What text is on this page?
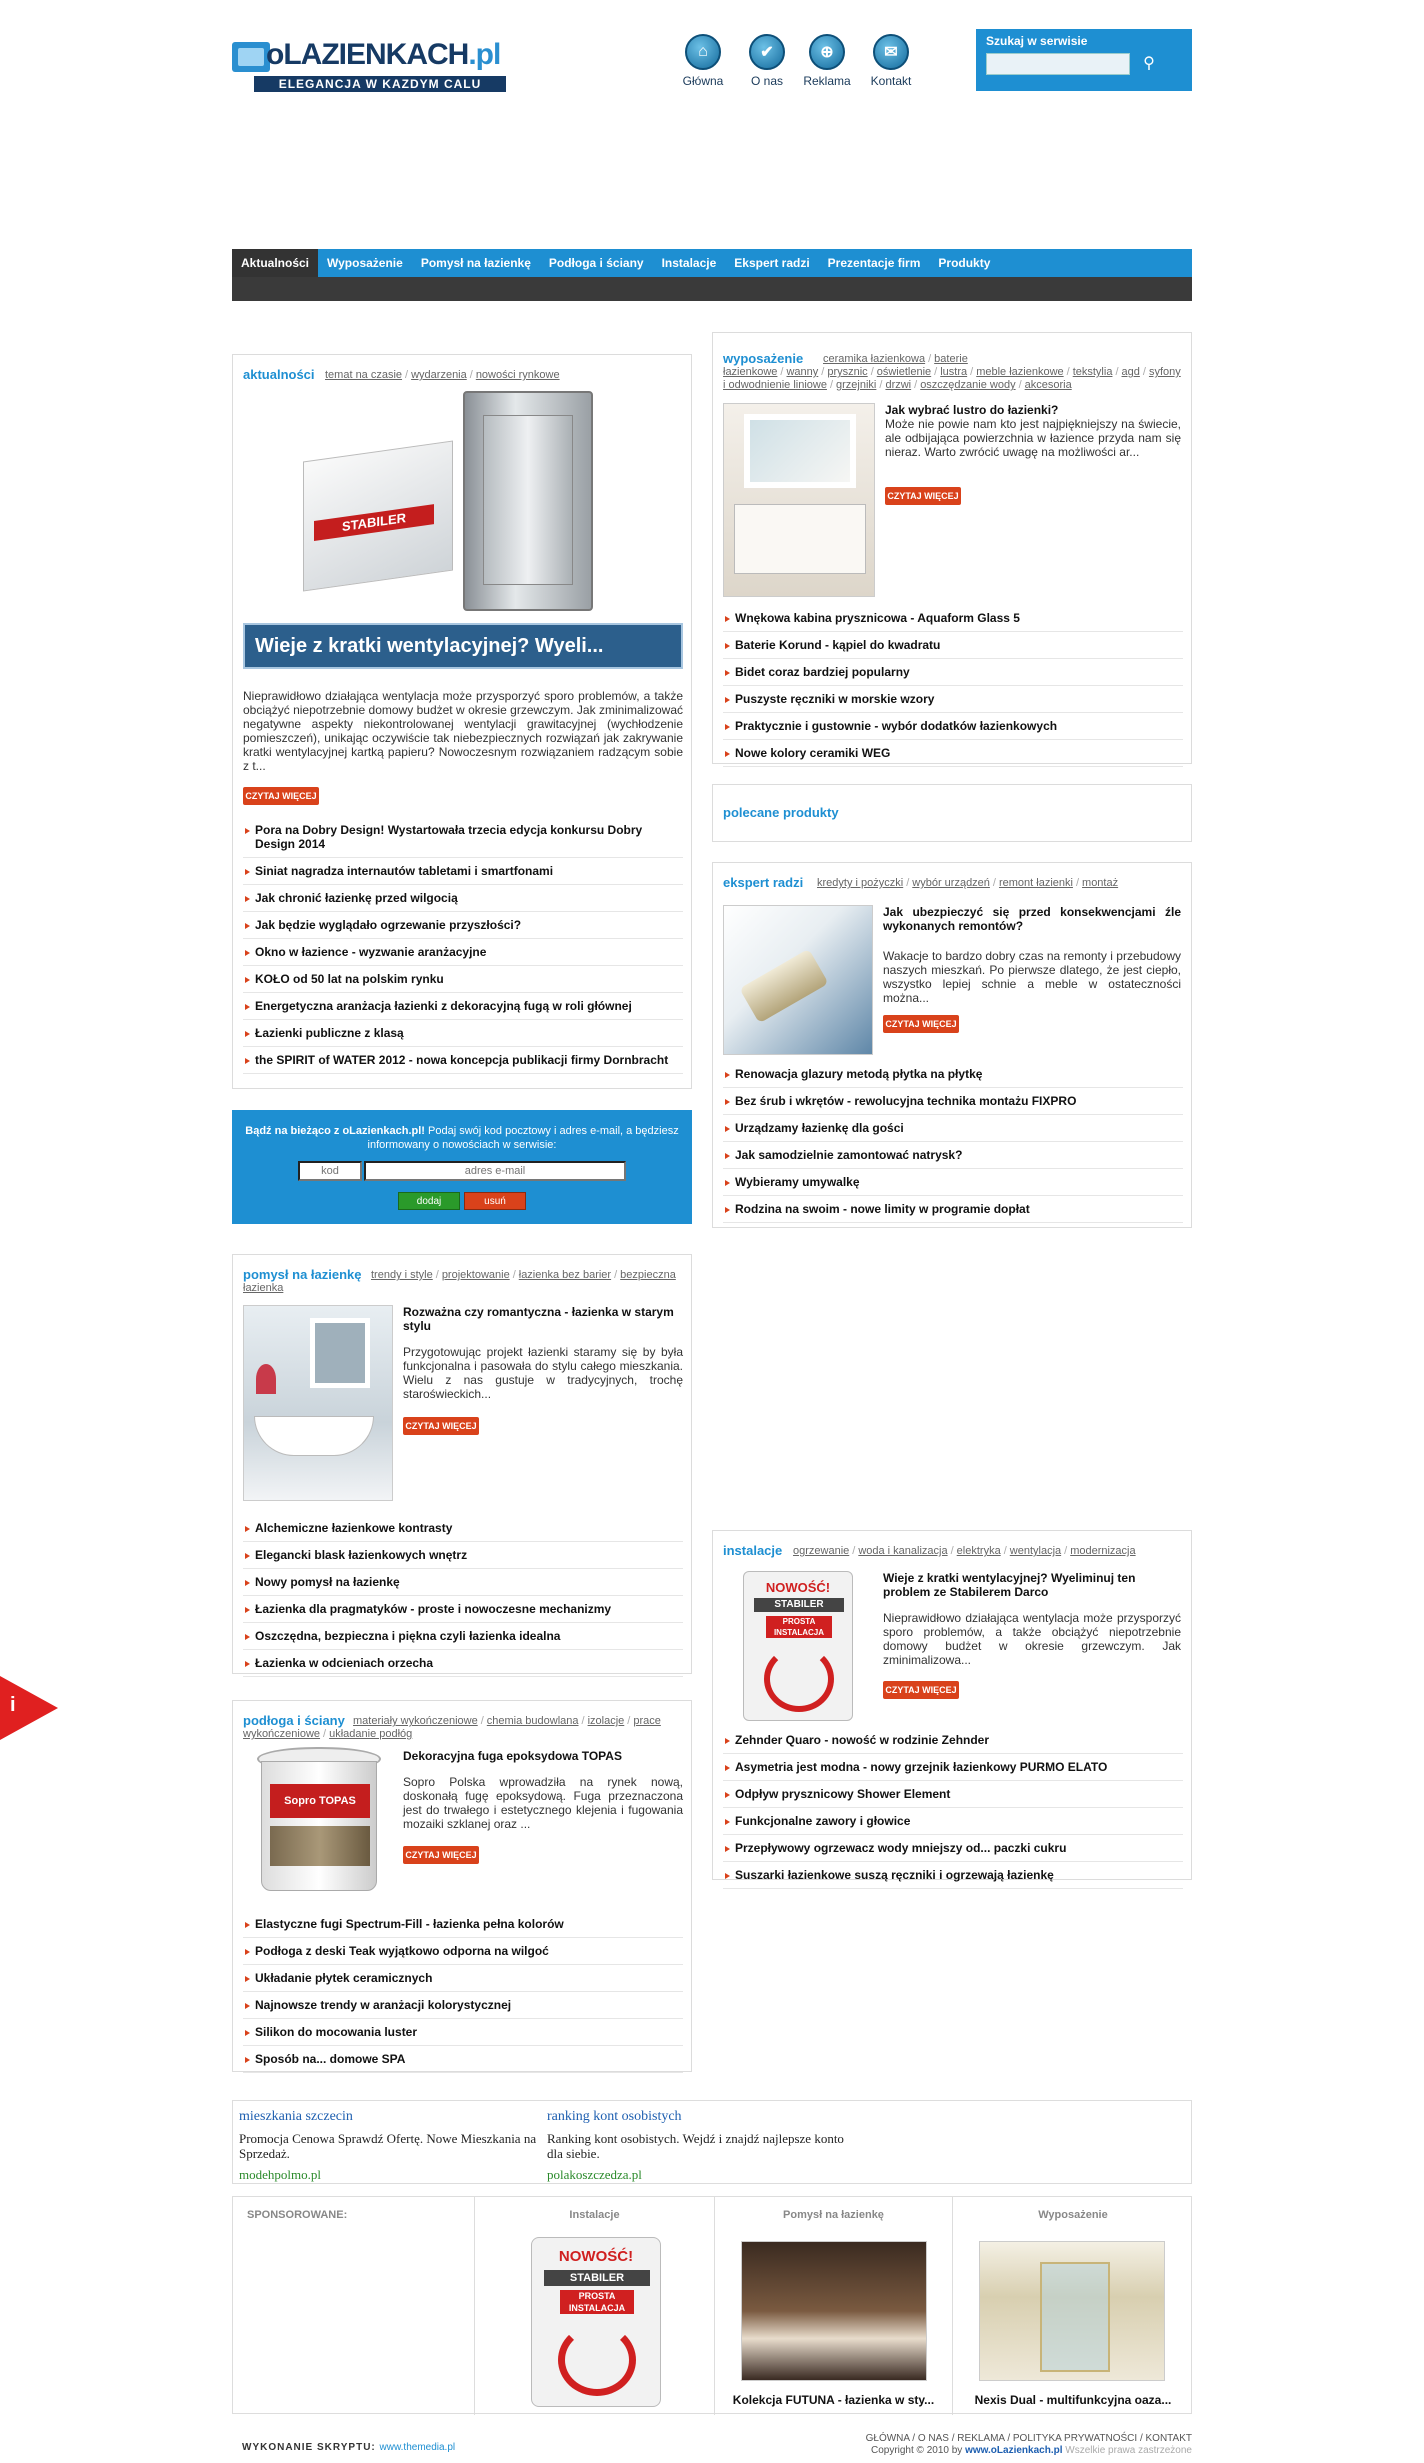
oLAZIENKACH.pl
ELEGANCJA W KAZDYM CALU
⌂
Główna
✔
O nas
⊕
Reklama
✉
Kontakt
Szukaj w serwisie
⚲
Aktualności	Wyposażenie	Pomysł na łazienkę	Podłoga i ściany	Instalacje	Ekspert radzi	Prezentacje firm	Produkty
aktualności temat na czasie / wydarzenia / nowości rynkowe
STABILER
Wieje z kratki wentylacyjnej? Wyeli...
Nieprawidłowo działająca wentylacja może przysporzyć sporo problemów, a także obciążyć niepotrzebnie domowy budżet w okresie grzewczym. Jak zminimalizować negatywne aspekty niekontrolowanej wentylacji grawitacyjnej (wychłodzenie pomieszczeń), unikając oczywiście tak niebezpiecznych rozwiązań jak zakrywanie kratki wentylacyjnej kartką papieru? Nowoczesnym rozwiązaniem radzącym sobie z t...
CZYTAJ WIĘCEJ
Pora na Dobry Design! Wystartowała trzecia edycja konkursu Dobry Design 2014
Siniat nagradza internautów tabletami i smartfonami
Jak chronić łazienkę przed wilgocią
Jak będzie wyglądało ogrzewanie przyszłości?
Okno w łazience - wyzwanie aranżacyjne
KOŁO od 50 lat na polskim rynku
Energetyczna aranżacja łazienki z dekoracyjną fugą w roli głównej
Łazienki publiczne z klasą
the SPIRIT of WATER 2012 - nowa koncepcja publikacji firmy Dornbracht
Bądź na bieżąco z oLazienkach.pl! Podaj swój kod pocztowy i adres e-mail, a będziesz informowany o nowościach w serwisie:
kod
adres e-mail
dodaj	usuń
pomysł na łazienkę trendy i style / projektowanie / łazienka bez barier / bezpieczna łazienka
Rozważna czy romantyczna - łazienka w starym stylu
Przygotowując projekt łazienki staramy się by była funkcjonalna i pasowała do stylu całego mieszkania. Wielu z nas gustuje w tradycyjnych, trochę staroświeckich...
CZYTAJ WIĘCEJ
Alchemiczne łazienkowe kontrasty
Elegancki blask łazienkowych wnętrz
Nowy pomysł na łazienkę
Łazienka dla pragmatyków - proste i nowoczesne mechanizmy
Oszczędna, bezpieczna i piękna czyli łazienka idealna
Łazienka w odcieniach orzecha
podłoga i ściany materiały wykończeniowe / chemia budowlana / izolacje / prace wykończeniowe / układanie podłóg
Sopro TOPAS
Dekoracyjna fuga epoksydowa TOPAS
Sopro Polska wprowadziła na rynek nową, doskonałą fugę epoksydową. Fuga przeznaczona jest do trwałego i estetycznego klejenia i fugowania mozaiki szklanej oraz ...
CZYTAJ WIĘCEJ
Elastyczne fugi Spectrum-Fill - łazienka pełna kolorów
Podłoga z deski Teak wyjątkowo odporna na wilgoć
Układanie płytek ceramicznych
Najnowsze trendy w aranżacji kolorystycznej
Silikon do mocowania luster
Sposób na... domowe SPA
ceramika łazienkowa / baterie łazienkowe / wanny / prysznic / oświetlenie / lustra / meble łazienkowe / tekstylia / agd / syfony i odwodnienie liniowe / grzejniki / drzwi / oszczędzanie wody / akcesoria
wyposażenie
Jak wybrać lustro do łazienki?
Może nie powie nam kto jest najpiękniejszy na świecie, ale odbijająca powierzchnia w łazience przyda nam się nieraz. Warto zwrócić uwagę na możliwości ar...
CZYTAJ WIĘCEJ
Wnękowa kabina prysznicowa - Aquaform Glass 5
Baterie Korund - kąpiel do kwadratu
Bidet coraz bardziej popularny
Puszyste ręczniki w morskie wzory
Praktycznie i gustownie - wybór dodatków łazienkowych
Nowe kolory ceramiki WEG
polecane produkty
ekspert radzi kredyty i pożyczki / wybór urządzeń / remont łazienki / montaż
Jak ubezpieczyć się przed konsekwencjami źle wykonanych remontów?
Wakacje to bardzo dobry czas na remonty i przebudowy naszych mieszkań. Po pierwsze dlatego, że jest ciepło, wszystko lepiej schnie a meble w ostateczności można...
CZYTAJ WIĘCEJ
Renowacja glazury metodą płytka na płytkę
Bez śrub i wkrętów - rewolucyjna technika montażu FIXPRO
Urządzamy łazienkę dla gości
Jak samodzielnie zamontować natrysk?
Wybieramy umywalkę
Rodzina na swoim - nowe limity w programie dopłat
instalacje ogrzewanie / woda i kanalizacja / elektryka / wentylacja / modernizacja
NOWOŚĆ!
STABILER
PROSTA INSTALACJA
Wieje z kratki wentylacyjnej? Wyeliminuj ten problem ze Stabilerem Darco
Nieprawidłowo działająca wentylacja może przysporzyć sporo problemów, a także obciążyć niepotrzebnie domowy budżet w okresie grzewczym. Jak zminimalizowa...
CZYTAJ WIĘCEJ
Zehnder Quaro - nowość w rodzinie Zehnder
Asymetria jest modna - nowy grzejnik łazienkowy PURMO ELATO
Odpływ prysznicowy Shower Element
Funkcjonalne zawory i głowice
Przepływowy ogrzewacz wody mniejszy od... paczki cukru
Suszarki łazienkowe suszą ręczniki i ogrzewają łazienkę
i
mieszkania szczecin
Promocja Cenowa Sprawdź Ofertę. Nowe Mieszkania na Sprzedaż.
modehpolmo.pl
ranking kont osobistych
Ranking kont osobistych. Wejdź i znajdź najlepsze konto dla siebie.
polakoszczedza.pl
SPONSOROWANE:	Instalacje
NOWOŚĆ!
STABILER
PROSTA INSTALACJA
Pomysł na łazienkę
Kolekcja FUTUNA - łazienka w sty...
Wyposażenie
Nexis Dual - multifunkcyjna oaza...
WYKONANIE SKRYPTU: www.themedia.pl
GŁÓWNA / O NAS / REKLAMA / POLITYKA PRYWATNOŚCI / KONTAKT
Copyright © 2010 by www.oLazienkach.pl Wszelkie prawa zastrzeżone
